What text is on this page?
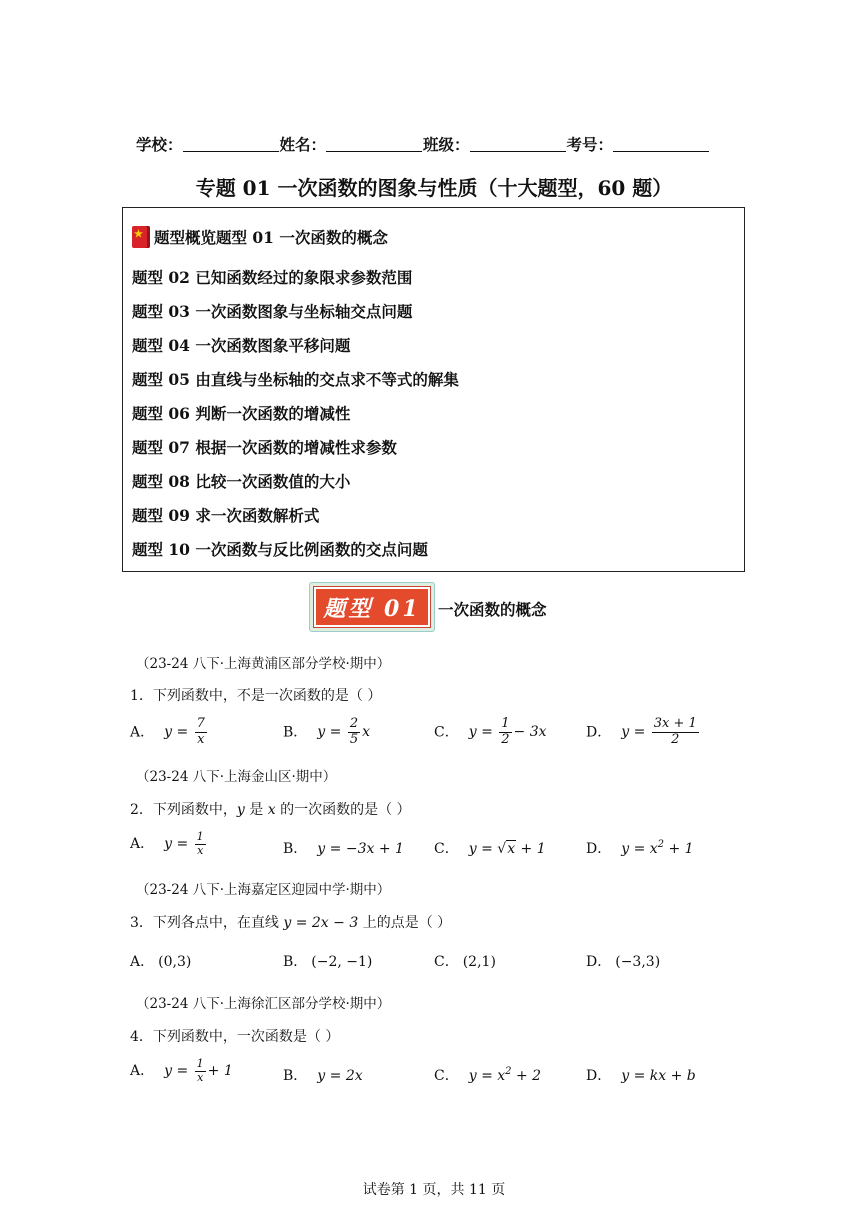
学校：	姓名：	班级：	考号：
专题 01 一次函数的图象与性质（十大题型，60 题）
★题型概览题型 01 一次函数的概念
题型 02 已知函数经过的象限求参数范围
题型 03 一次函数图象与坐标轴交点问题
题型 04 一次函数图象平移问题
题型 05 由直线与坐标轴的交点求不等式的解集
题型 06 判断一次函数的增减性
题型 07 根据一次函数的增减性求参数
题型 08 比较一次函数值的大小
题型 09 求一次函数解析式
题型 10 一次函数与反比例函数的交点问题
题型 01	一次函数的概念
（23-24 八下·上海黄浦区部分学校·期中）
1．下列函数中，不是一次函数的是（ ）
A． $y = \frac{7}{x}$	B． $y = \frac{2}{5}$ x	C． $y = \frac{1}{2} - 3x$	D． $y = \frac{3x + 1}{2}$
（23-24 八下·上海金山区·期中）
2．下列函数中，y 是 x 的一次函数的是（ ）
A． $y = \frac{1}{x}$	B． y = −3x + 1 C． y = √x + 1	D． $y = x^2 + 1$
（23-24 八下·上海嘉定区迎园中学·期中）
3．下列各点中，在直线 y = 2x − 3 上的点是（ ）
A． (0,3)	B． (−2, −1)	C． (2,1)	D． (−3,3)
（23-24 八下·上海徐汇区部分学校·期中）
4．下列函数中，一次函数是（ ）
A． $y = \frac{1}{x} + 1$	B． y = 2x	C． $y = x^2 + 2$	D． y = kx + b
试卷第 1 页，共 11 页
